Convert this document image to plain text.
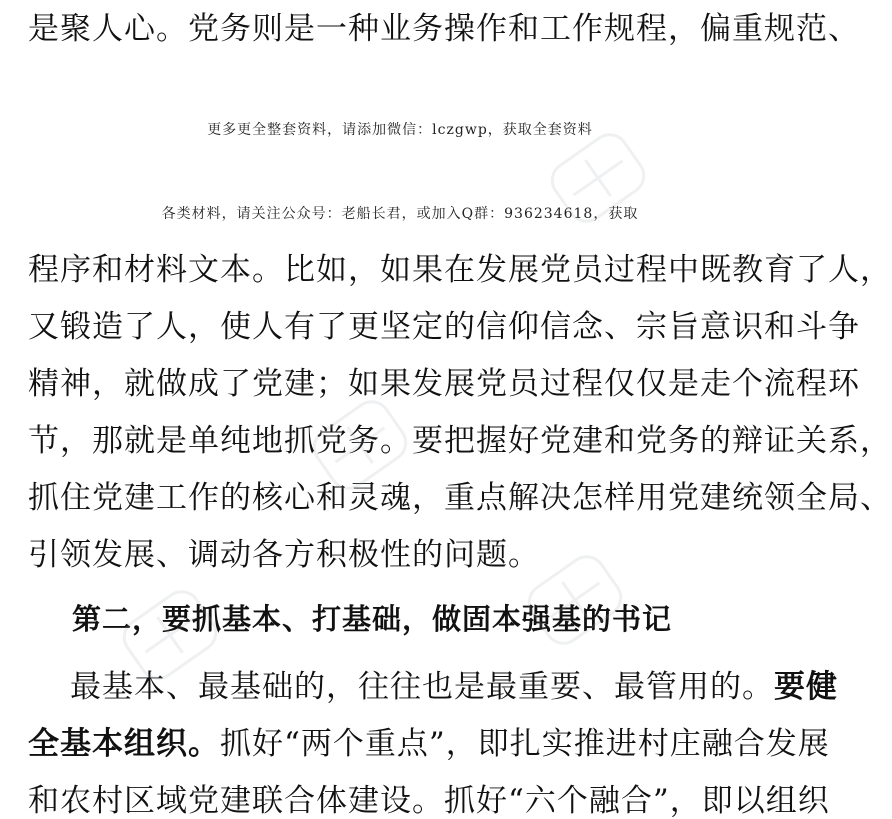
是聚人心。党务则是一种业务操作和工作规程，偏重规范、
更多更全整套资料，请添加微信：lczgwp，获取全套资料
各类材料，请关注公众号：老船长君，或加入Q群：936234618，获取
程序和材料文本。比如，如果在发展党员过程中既教育了人，
又锻造了人，使人有了更坚定的信仰信念、宗旨意识和斗争
精神，就做成了党建；如果发展党员过程仅仅是走个流程环
节，那就是单纯地抓党务。要把握好党建和党务的辩证关系，
抓住党建工作的核心和灵魂，重点解决怎样用党建统领全局、
引领发展、调动各方积极性的问题。
第二，要抓基本、打基础，做固本强基的书记
最基本、最基础的，往往也是最重要、最管用的。要健
全基本组织。抓好“两个重点”，即扎实推进村庄融合发展
和农村区域党建联合体建设。抓好“六个融合”，即以组织
